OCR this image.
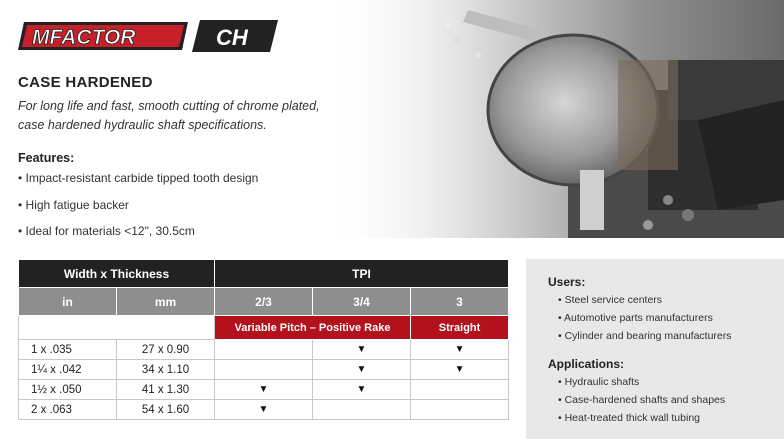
MFACTOR	® CH
CASE HARDENED
For long life and fast, smooth cutting of chrome plated, case hardened hydraulic shaft specifications.
Features:
• Impact-resistant carbide tipped tooth design
• High fatigue backer
• Ideal for materials <12", 30.5cm
Width x Thickness		TPI		
in	mm	2/3	3/4	3
		Variable Pitch – Positive Rake		Straight
1 x .035	27 x 0.90		▼	▼
1¼ x .042	34 x 1.10		▼	▼
1½ x .050	41 x 1.30	▼	▼	
2 x .063	54 x 1.60	▼		
Users:
• Steel service centers
• Automotive parts manufacturers
• Cylinder and bearing manufacturers
Applications:
• Hydraulic shafts
• Case-hardened shafts and shapes
• Heat-treated thick wall tubing
